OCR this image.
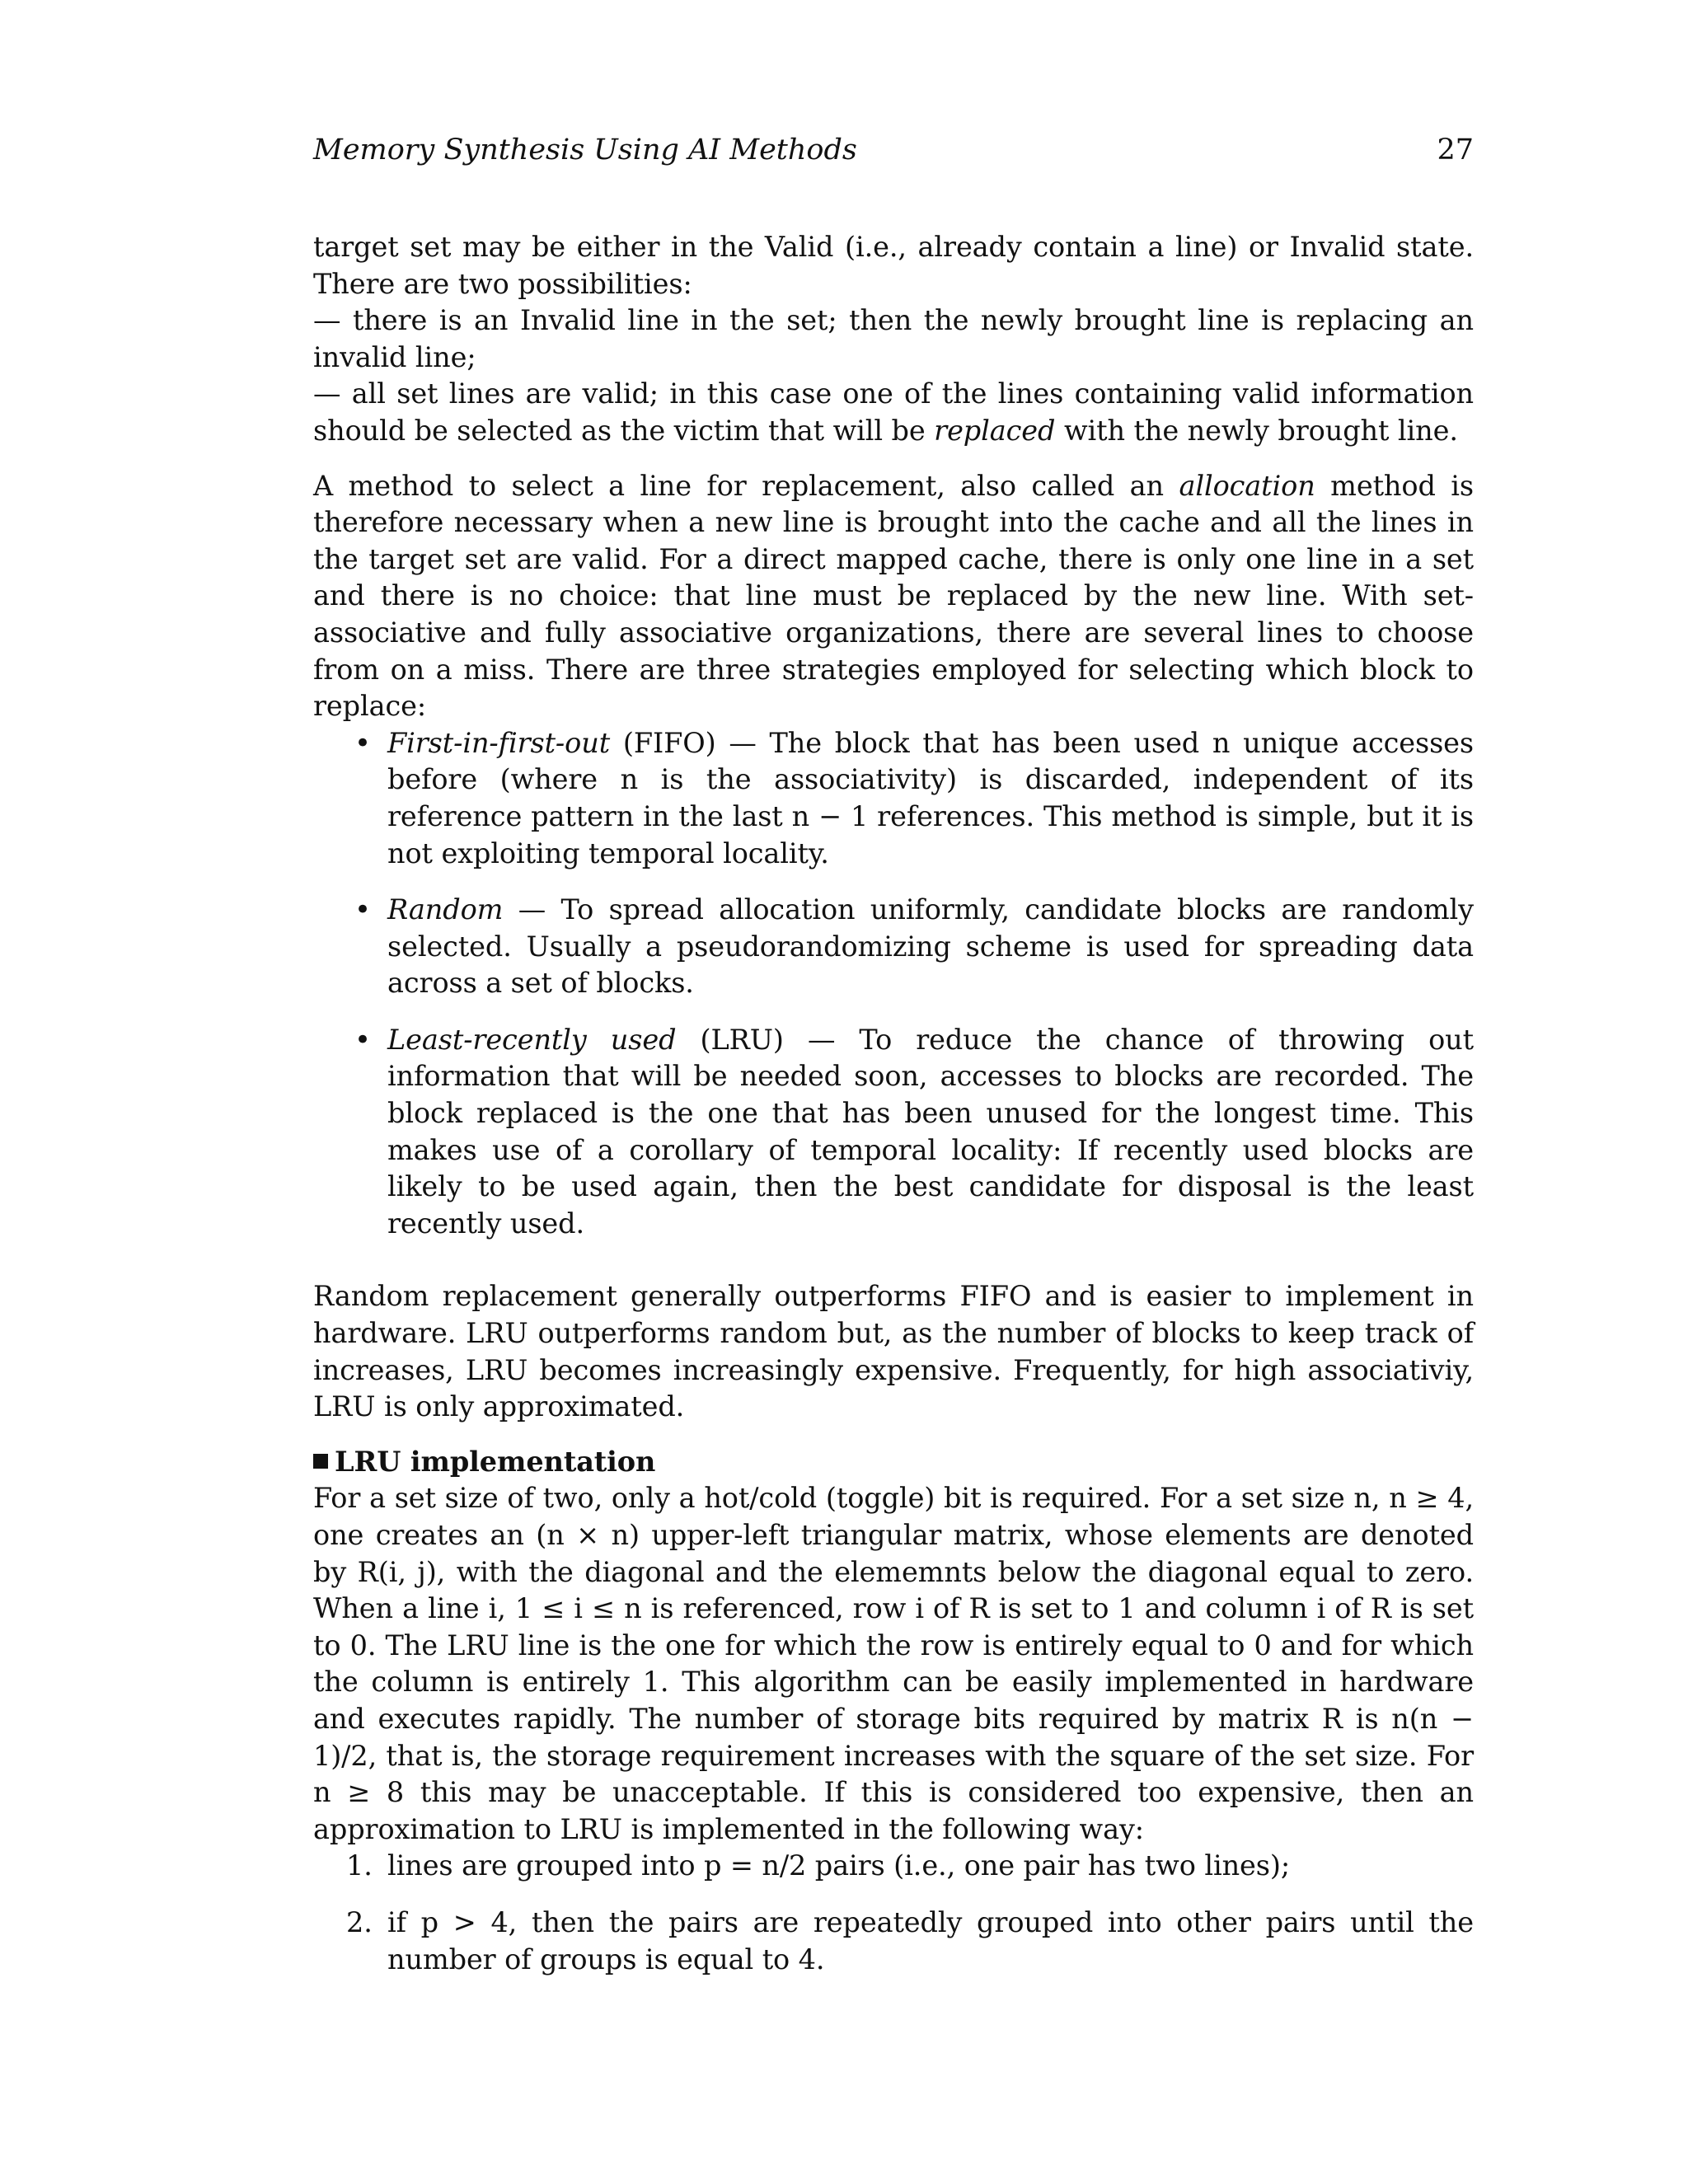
Memory Synthesis Using AI Methods	27

target set may be either in the Valid (i.e., already contain a line) or Invalid state. There are two possibilities:
— there is an Invalid line in the set; then the newly brought line is replacing an invalid line;
— all set lines are valid; in this case one of the lines containing valid information should be selected as the victim that will be replaced with the newly brought line.

A method to select a line for replacement, also called an allocation method is therefore necessary when a new line is brought into the cache and all the lines in the target set are valid. For a direct mapped cache, there is only one line in a set and there is no choice: that line must be replaced by the new line. With set-associative and fully associative organizations, there are several lines to choose from on a miss. There are three strategies employed for selecting which block to replace:

• First-in-first-out (FIFO) — The block that has been used n unique accesses before (where n is the associativity) is discarded, independent of its reference pattern in the last n − 1 references. This method is simple, but it is not exploiting temporal locality.
• Random — To spread allocation uniformly, candidate blocks are randomly selected. Usually a pseudorandomizing scheme is used for spreading data across a set of blocks.
• Least-recently used (LRU) — To reduce the chance of throwing out information that will be needed soon, accesses to blocks are recorded. The block replaced is the one that has been unused for the longest time. This makes use of a corollary of temporal locality: If recently used blocks are likely to be used again, then the best candidate for disposal is the least recently used.

Random replacement generally outperforms FIFO and is easier to implement in hardware. LRU outperforms random but, as the number of blocks to keep track of increases, LRU becomes increasingly expensive. Frequently, for high associativiy, LRU is only approximated.

LRU implementation

For a set size of two, only a hot/cold (toggle) bit is required. For a set size n, n ≥ 4, one creates an (n × n) upper-left triangular matrix, whose elements are denoted by R(i, j), with the diagonal and the elememnts below the diagonal equal to zero. When a line i, 1 ≤ i ≤ n is referenced, row i of R is set to 1 and column i of R is set to 0. The LRU line is the one for which the row is entirely equal to 0 and for which the column is entirely 1. This algorithm can be easily implemented in hardware and executes rapidly. The number of storage bits required by matrix R is n(n − 1)/2, that is, the storage requirement increases with the square of the set size. For n ≥ 8 this may be unacceptable. If this is considered too expensive, then an approximation to LRU is implemented in the following way:

1. lines are grouped into p = n/2 pairs (i.e., one pair has two lines);
2. if p > 4, then the pairs are repeatedly grouped into other pairs until the number of groups is equal to 4.
